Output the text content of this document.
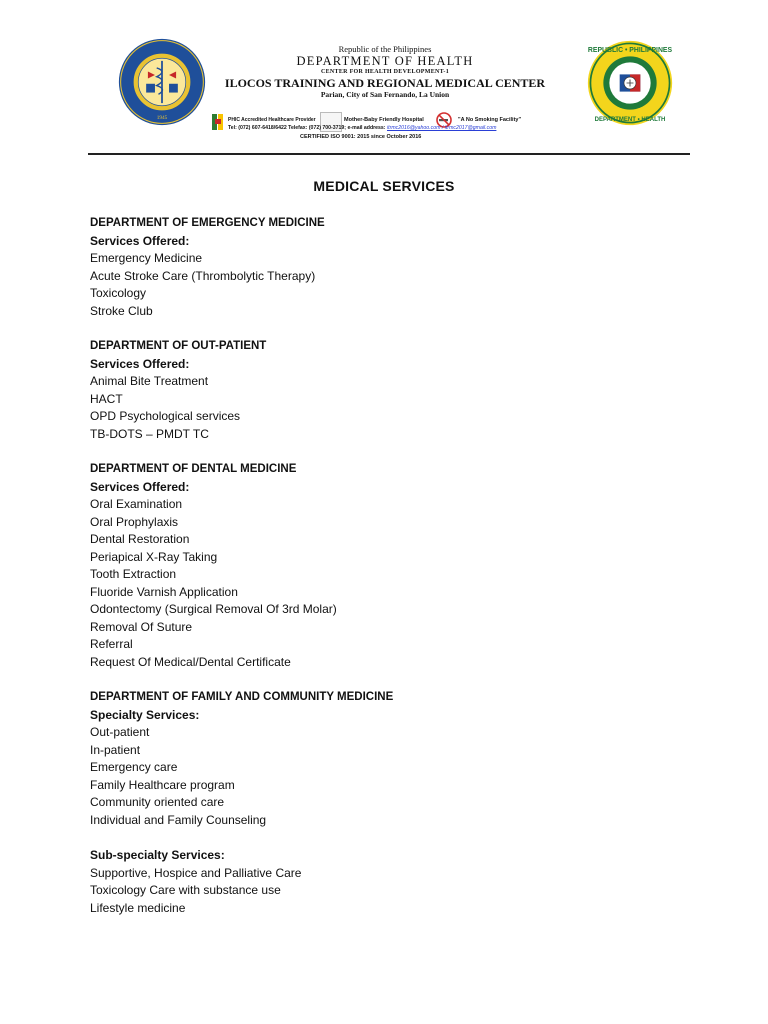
1945
Republic of the Philippines
DEPARTMENT OF HEALTH
CENTER FOR HEALTH DEVELOPMENT-1
ILOCOS TRAINING AND REGIONAL MEDICAL CENTER
Parian, City of San Fernando, La Union
PHIC Accredited Healthcare Provider	Mother-Baby Friendly Hospital	"A No Smoking Facility"
Tel: (072) 607-6418/6422 Telefax: (072) 700-3719; e-mail address: itrmc2016@yahoo.com / itrmc2017@gmail.com
CERTIFIED ISO 9001: 2015 since October 2016
REPUBLIC • PHILIPPINES
DEPARTMENT • HEALTH
MEDICAL SERVICES
DEPARTMENT OF EMERGENCY MEDICINE
Services Offered:
Emergency Medicine
Acute Stroke Care (Thrombolytic Therapy)
Toxicology
Stroke Club
DEPARTMENT OF OUT-PATIENT
Services Offered:
Animal Bite Treatment
HACT
OPD Psychological services
TB-DOTS – PMDT TC
DEPARTMENT OF DENTAL MEDICINE
Services Offered:
Oral Examination
Oral Prophylaxis
Dental Restoration
Periapical X-Ray Taking
Tooth Extraction
Fluoride Varnish Application
Odontectomy (Surgical Removal Of 3rd Molar)
Removal Of Suture
Referral
Request Of Medical/Dental Certificate
DEPARTMENT OF FAMILY AND COMMUNITY MEDICINE
Specialty Services:
Out-patient
In-patient
Emergency care
Family Healthcare program
Community oriented care
Individual and Family Counseling
Sub-specialty Services:
Supportive, Hospice and Palliative Care
Toxicology Care with substance use
Lifestyle medicine
